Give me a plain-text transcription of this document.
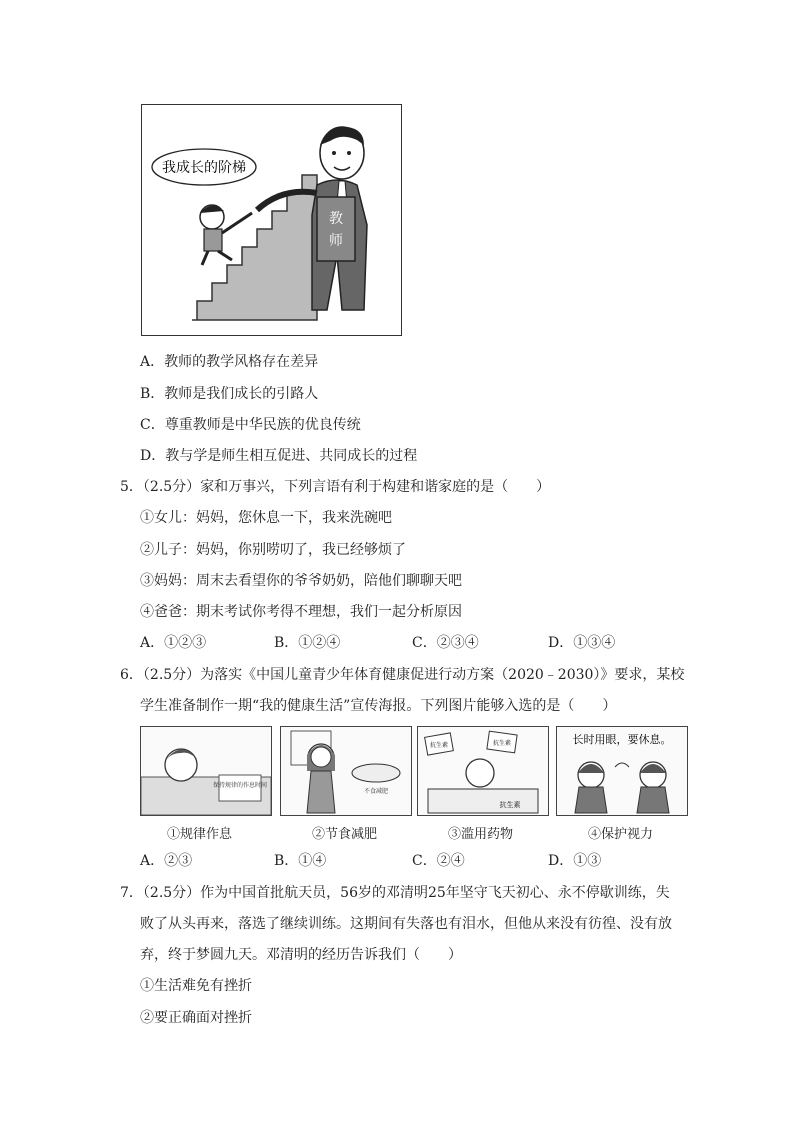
教
师
我成长的阶梯
A．教师的教学风格存在差异
B．教师是我们成长的引路人
C．尊重教师是中华民族的优良传统
D．教与学是师生相互促进、共同成长的过程
5．（2.5分）家和万事兴，下列言语有利于构建和谐家庭的是（　　）
①女儿：妈妈，您休息一下，我来洗碗吧
②儿子：妈妈，你别唠叨了，我已经够烦了
③妈妈：周末去看望你的爷爷奶奶，陪他们聊聊天吧
④爸爸：期末考试你考得不理想，我们一起分析原因
A．①②③	B．①②④	C．②③④	D．①③④
6．（2.5分）为落实《中国儿童青少年体育健康促进行动方案（2020﹣2030）》要求，某校
学生准备制作一期“我的健康生活”宣传海报。下列图片能够入选的是（　　）
保持规律的作息时间
不食减肥
抗生素	抗生素
抗生素
长时用眼，要休息。
①规律作息	②节食减肥	③滥用药物	④保护视力
A．②③	B．①④	C．②④	D．①③
7．（2.5分）作为中国首批航天员，56岁的邓清明25年坚守飞天初心、永不停歇训练，失
败了从头再来，落选了继续训练。这期间有失落也有泪水，但他从来没有彷徨、没有放
弃，终于梦圆九天。邓清明的经历告诉我们（　　）
①生活难免有挫折
②要正确面对挫折
